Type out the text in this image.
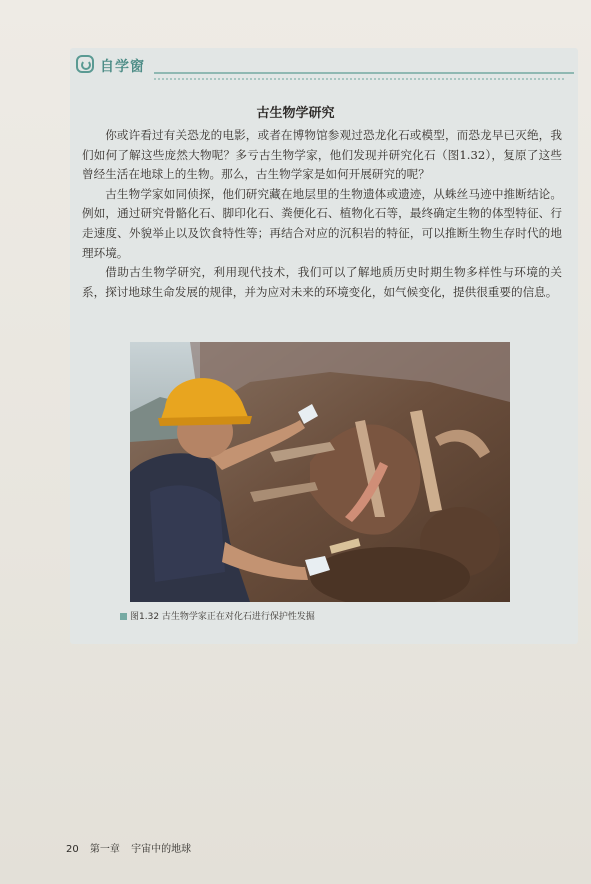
自学窗
古生物学研究

你或许看过有关恐龙的电影，或者在博物馆参观过恐龙化石或模型，而恐龙早已灭绝，我们如何了解这些庞然大物呢？多亏古生物学家，他们发现并研究化石（图1.32），复原了这些曾经生活在地球上的生物。那么，古生物学家是如何开展研究的呢？

古生物学家如同侦探，他们研究藏在地层里的生物遗体或遗迹，从蛛丝马迹中推断结论。例如，通过研究骨骼化石、脚印化石、粪便化石、植物化石等，最终确定生物的体型特征、行走速度、外貌举止以及饮食特性等；再结合对应的沉积岩的特征，可以推断生物生存时代的地理环境。

借助古生物学研究，利用现代技术，我们可以了解地质历史时期生物多样性与环境的关系，探讨地球生命发展的规律，并为应对未来的环境变化，如气候变化，提供很重要的信息。

图1.32 古生物学家正在对化石进行保护性发掘
20 第一章 宇宙中的地球
